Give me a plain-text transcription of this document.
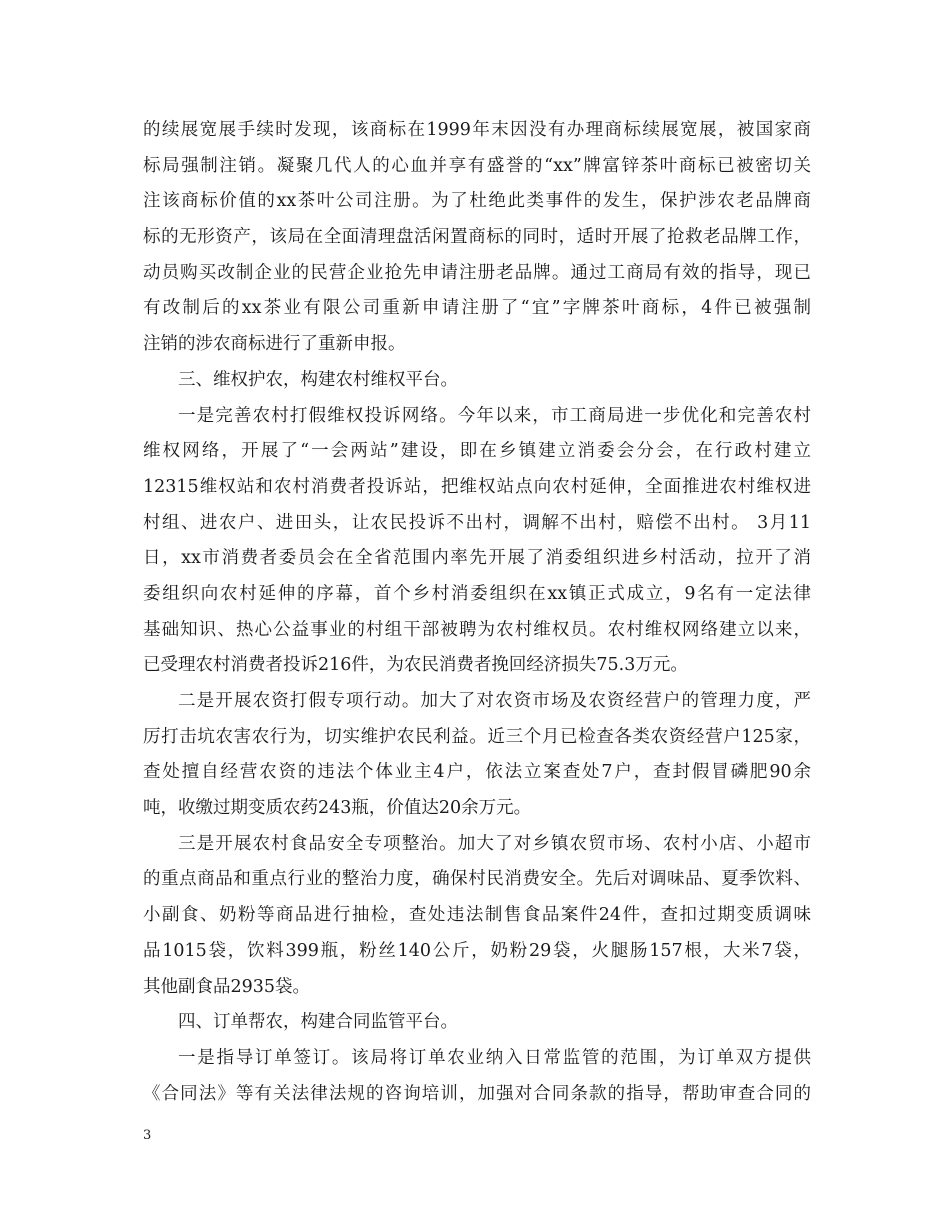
的续展宽展手续时发现，该商标在1999年末因没有办理商标续展宽展，被国家商
标局强制注销。凝聚几代人的心血并享有盛誉的“xx”牌富锌茶叶商标已被密切关
注该商标价值的xx茶叶公司注册。为了杜绝此类事件的发生，保护涉农老品牌商
标的无形资产，该局在全面清理盘活闲置商标的同时，适时开展了抢救老品牌工作，
动员购买改制企业的民营企业抢先申请注册老品牌。通过工商局有效的指导，现已
有改制后的xx茶业有限公司重新申请注册了“宜”字牌茶叶商标，4件已被强制
注销的涉农商标进行了重新申报。
三、维权护农，构建农村维权平台。
一是完善农村打假维权投诉网络。今年以来，市工商局进一步优化和完善农村
维权网络，开展了“一会两站”建设，即在乡镇建立消委会分会，在行政村建立
12315维权站和农村消费者投诉站，把维权站点向农村延伸，全面推进农村维权进
村组、进农户、进田头，让农民投诉不出村，调解不出村，赔偿不出村。 3月11
日，xx市消费者委员会在全省范围内率先开展了消委组织进乡村活动，拉开了消
委组织向农村延伸的序幕，首个乡村消委组织在xx镇正式成立，9名有一定法律
基础知识、热心公益事业的村组干部被聘为农村维权员。农村维权网络建立以来，
已受理农村消费者投诉216件，为农民消费者挽回经济损失75.3万元。
二是开展农资打假专项行动。加大了对农资市场及农资经营户的管理力度，严
厉打击坑农害农行为，切实维护农民利益。近三个月已检查各类农资经营户125家，
查处擅自经营农资的违法个体业主4户，依法立案查处7户，查封假冒磷肥90余
吨，收缴过期变质农药243瓶，价值达20余万元。
三是开展农村食品安全专项整治。加大了对乡镇农贸市场、农村小店、小超市
的重点商品和重点行业的整治力度，确保村民消费安全。先后对调味品、夏季饮料、
小副食、奶粉等商品进行抽检，查处违法制售食品案件24件，查扣过期变质调味
品1015袋，饮料399瓶，粉丝140公斤，奶粉29袋，火腿肠157根，大米7袋，
其他副食品2935袋。
四、订单帮农，构建合同监管平台。
一是指导订单签订。该局将订单农业纳入日常监管的范围，为订单双方提供
《合同法》等有关法律法规的咨询培训，加强对合同条款的指导，帮助审查合同的
3
